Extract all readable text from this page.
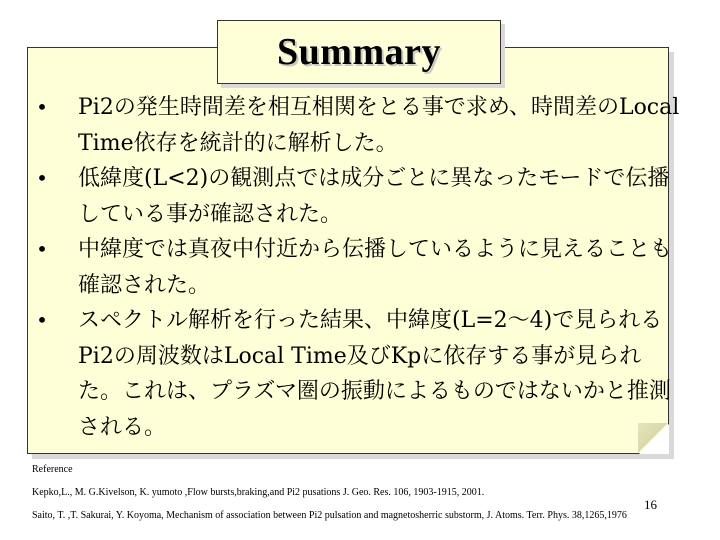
Summary
• Pi2の発生時間差を相互相関をとる事で求め、時間差のLocal Time依存を統計的に解析した。
• 低緯度(L<2)の観測点では成分ごとに異なったモードで伝播している事が確認された。
• 中緯度では真夜中付近から伝播しているように見えることも確認された。
• スペクトル解析を行った結果、中緯度(L=2～4)で見られるPi2の周波数はLocal Time及びKpに依存する事が見られた。これは、プラズマ圏の振動によるものではないかと推測される。
Reference
Kepko,L., M. G.Kivelson, K. yumoto ,Flow bursts,braking,and Pi2 pusations J. Geo. Res. 106, 1903-1915, 2001.
Saito, T. ,T. Sakurai, Y. Koyoma, Mechanism of association between Pi2 pulsation and magnetosherric substorm, J. Atoms. Terr. Phys. 38,1265,1976
16
